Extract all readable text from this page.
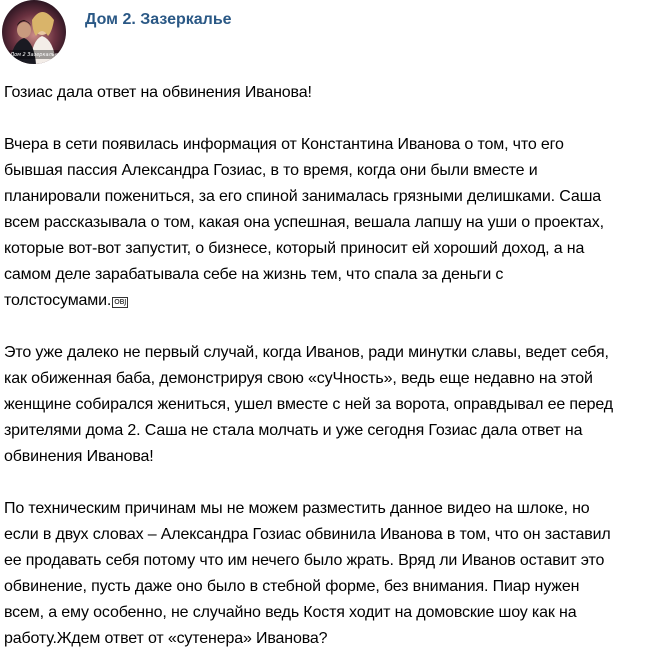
Дом 2 Зазеркалье
Дом 2. Зазеркалье

Гозиас дала ответ на обвинения Иванова!

Вчера в сети появилась информация от Константина Иванова о том, что его

бывшая пассия Александра Гозиас, в то время, когда они были вместе и

планировали пожениться, за его спиной занималась грязными делишками. Саша

всем рассказывала о том, какая она успешная, вешала лапшу на уши о проектах,

которые вот-вот запустит, о бизнесе, который приносит ей хороший доход, а на

самом деле зарабатывала себе на жизнь тем, что спала за деньги с

толстосумами. OBJ

Это уже далеко не первый случай, когда Иванов, ради минутки славы, ведет себя,

как обиженная баба, демонстрируя свою «суЧность», ведь еще недавно на этой

женщине собирался жениться, ушел вместе с ней за ворота, оправдывал ее перед

зрителями дома 2. Саша не стала молчать и уже сегодня Гозиас дала ответ на

обвинения Иванова!

По техническим причинам мы не можем разместить данное видео на шлоке, но

если в двух словах – Александра Гозиас обвинила Иванова в том, что он заставил

ее продавать себя потому что им нечего было жрать. Вряд ли Иванов оставит это

обвинение, пусть даже оно было в стебной форме, без внимания. Пиар нужен

всем, а ему особенно, не случайно ведь Костя ходит на домовские шоу как на

работу.Ждем ответ от «сутенера» Иванова?
